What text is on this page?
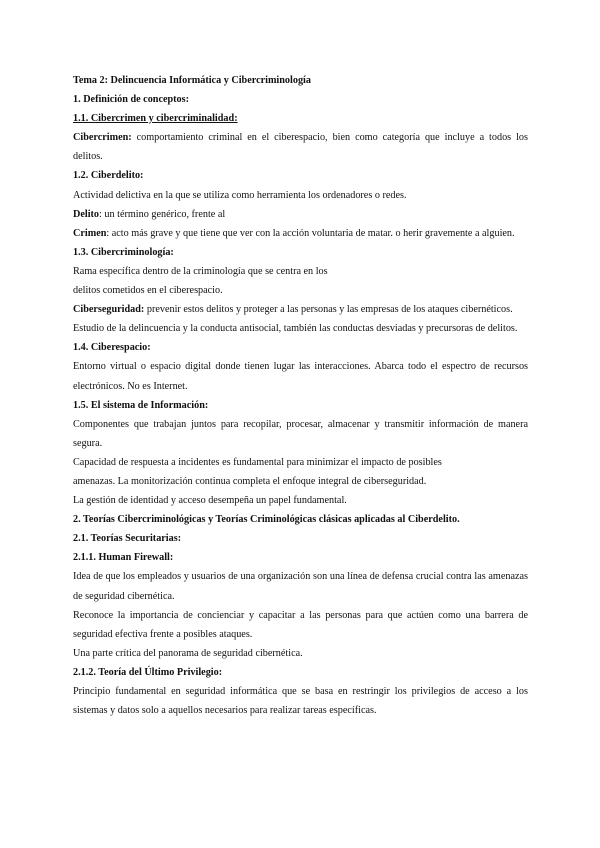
Tema 2: Delincuencia Informática y Cibercriminología

1. Definición de conceptos:

1.1. Cibercrimen y cibercriminalidad:

Cibercrimen: comportamiento criminal en el ciberespacio, bien como categoría que incluye a todos los delitos.

1.2. Ciberdelito:

Actividad delictiva en la que se utiliza como herramienta los ordenadores o redes.

Delito: un término genérico, frente al

Crimen: acto más grave y que tiene que ver con la acción voluntaria de matar. o herir gravemente a alguien.

1.3. Cibercriminología:

Rama específica dentro de la criminología que se centra en los

delitos cometidos en el ciberespacio.

Ciberseguridad: prevenir estos delitos y proteger a las personas y las empresas de los ataques cibernéticos.

Estudio de la delincuencia y la conducta antisocial, también las conductas desviadas y precursoras de delitos.

1.4. Ciberespacio:

Entorno virtual o espacio digital donde tienen lugar las interacciones. Abarca todo el espectro de recursos electrónicos. No es Internet.

1.5. El sistema de Información:

Componentes que trabajan juntos para recopilar, procesar, almacenar y transmitir información de manera segura.

Capacidad de respuesta a incidentes es fundamental para minimizar el impacto de posibles

amenazas. La monitorización continua completa el enfoque integral de ciberseguridad.

La gestión de identidad y acceso desempeña un papel fundamental.

2. Teorías Cibercriminológicas y Teorías Criminológicas clásicas aplicadas al Ciberdelito.

2.1. Teorías Securitarias:

2.1.1. Human Firewall:

Idea de que los empleados y usuarios de una organización son una línea de defensa crucial contra las amenazas de seguridad cibernética.

Reconoce la importancia de concienciar y capacitar a las personas para que actúen como una barrera de seguridad efectiva frente a posibles ataques.

Una parte crítica del panorama de seguridad cibernética.

2.1.2. Teoría del Último Privilegio:

Principio fundamental en seguridad informática que se basa en restringir los privilegios de acceso a los sistemas y datos solo a aquellos necesarios para realizar tareas específicas.
